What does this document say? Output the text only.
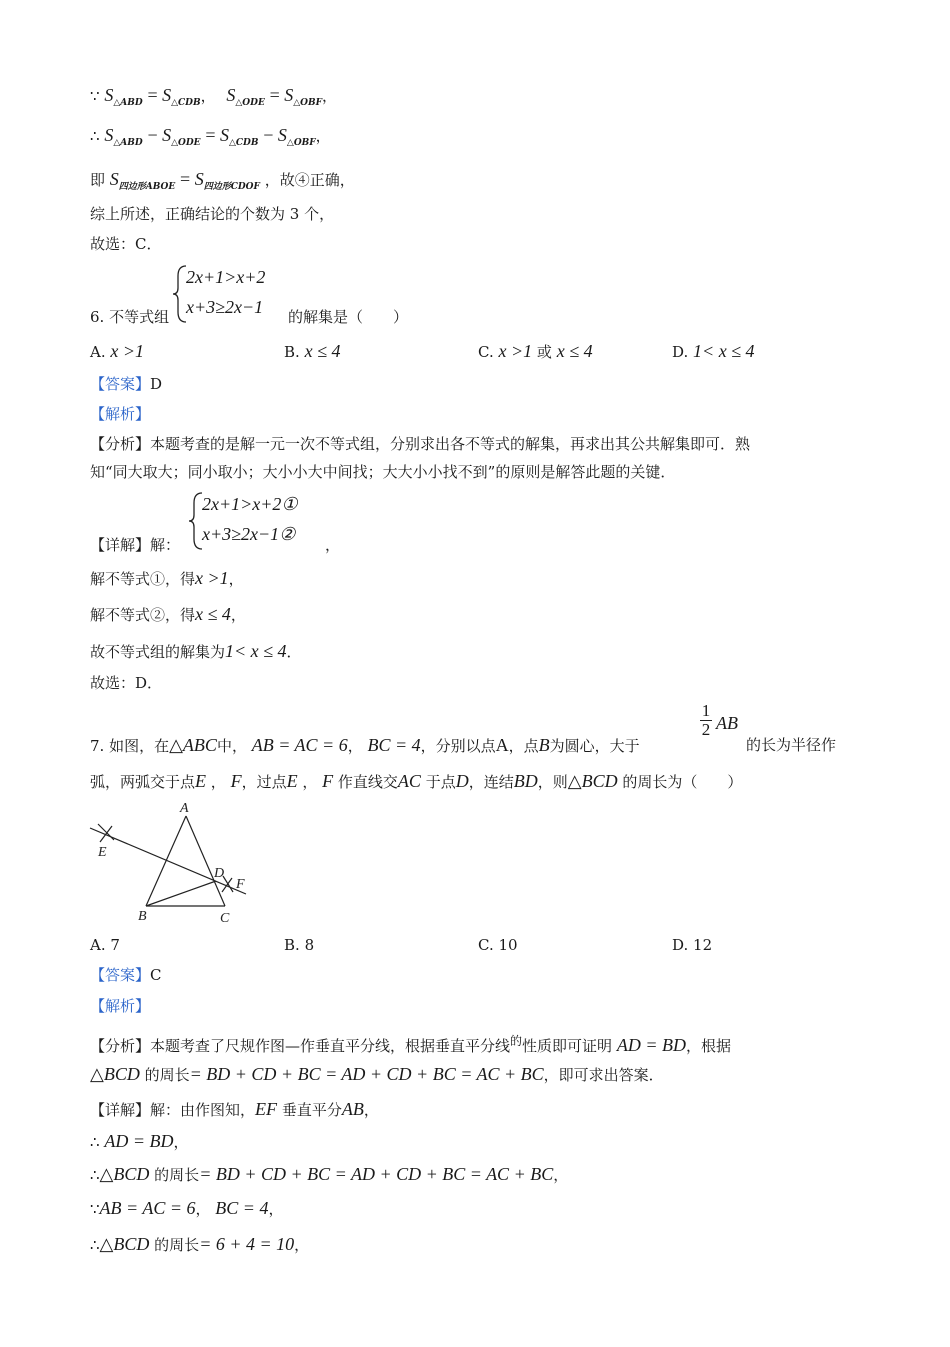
∵ $S_{\triangle ABD} = S_{\triangle CDB}$， $S_{\triangle ODE} = S_{\triangle OBF}$，
∴ $S_{\triangle ABD} - S_{\triangle ODE} = S_{\triangle CDB} - S_{\triangle OBF}$，
即 $S_{四边形ABOE} = S_{四边形CDOF}$ ，故④正确，
综上所述，正确结论的个数为 3 个，
故选：C．
6. 不等式组
2x+1>x+2
x+3≥2x−1 的解集是（　　）
A. x >1	B. x ≤ 4	C. x >1 或 x ≤ 4	D. 1< x ≤ 4
【答案】D
【解析】
【分析】本题考查的是解一元一次不等式组，分别求出各不等式的解集，再求出其公共解集即可．熟
知“同大取大；同小取小；大小小大中间找；大大小小找不到”的原则是解答此题的关键．
【详解】解：
2x+1>x+2①
x+3≥2x−1②
，
解不等式①，得x >1，
解不等式②，得x ≤ 4，
故不等式组的解集为1< x ≤ 4．
故选：D．
7. 如图，在△ABC中， AB = AC = 6， BC = 4，分别以点A，点B为圆心，大于
$\frac{1}{2}$ AB
的长为半径作
弧，两弧交于点E ， F，过点E ， F 作直线交AC 于点D，连结BD，则△BCD 的周长为（　　）
A
B	C
D
E
F
A. 7	B. 8	C. 10	D. 12
【答案】C
【解析】
【分析】本题考查了尺规作图—作垂直平分线，根据垂直平分线$^的$性质即可证明 AD = BD，根据
△BCD 的周长= BD + CD + BC = AD + CD + BC = AC + BC，即可求出答案．
【详解】解：由作图知，EF 垂直平分AB，
∴ AD = BD，
∴△BCD 的周长= BD + CD + BC = AD + CD + BC = AC + BC，
∵AB = AC = 6， BC = 4，
∴△BCD 的周长= 6 + 4 = 10，
